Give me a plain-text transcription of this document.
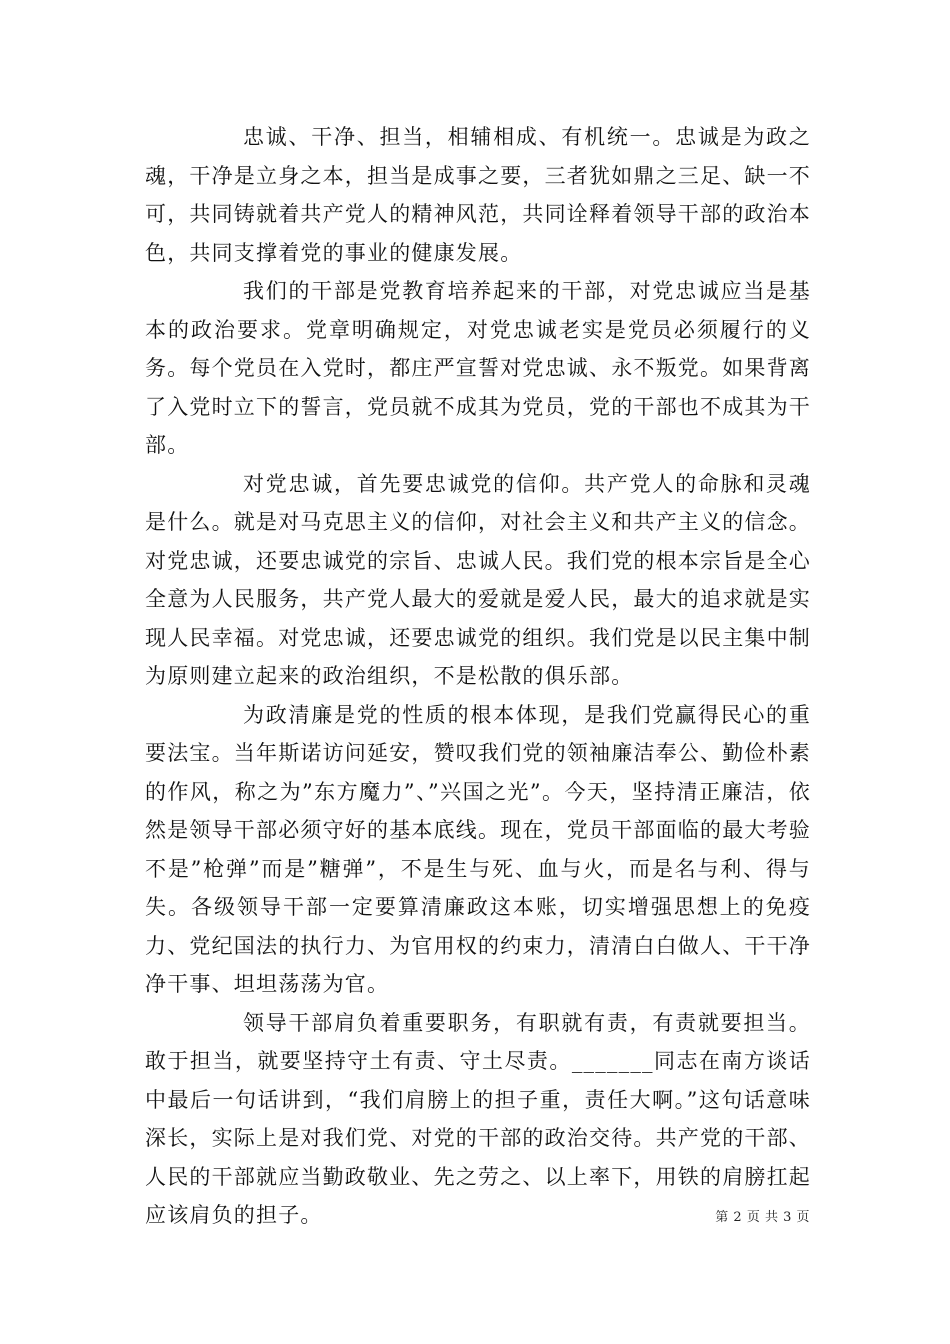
忠诚、干净、担当，相辅相成、有机统一。忠诚是为政之魂，干净是立身之本，担当是成事之要，三者犹如鼎之三足、缺一不可，共同铸就着共产党人的精神风范，共同诠释着领导干部的政治本色，共同支撑着党的事业的健康发展。

我们的干部是党教育培养起来的干部，对党忠诚应当是基本的政治要求。党章明确规定，对党忠诚老实是党员必须履行的义务。每个党员在入党时，都庄严宣誓对党忠诚、永不叛党。如果背离了入党时立下的誓言，党员就不成其为党员，党的干部也不成其为干部。

对党忠诚，首先要忠诚党的信仰。共产党人的命脉和灵魂是什么。就是对马克思主义的信仰，对社会主义和共产主义的信念。对党忠诚，还要忠诚党的宗旨、忠诚人民。我们党的根本宗旨是全心全意为人民服务，共产党人最大的爱就是爱人民，最大的追求就是实现人民幸福。对党忠诚，还要忠诚党的组织。我们党是以民主集中制为原则建立起来的政治组织，不是松散的俱乐部。

为政清廉是党的性质的根本体现，是我们党赢得民心的重要法宝。当年斯诺访问延安，赞叹我们党的领袖廉洁奉公、勤俭朴素的作风，称之为”东方魔力”、”兴国之光”。今天，坚持清正廉洁，依然是领导干部必须守好的基本底线。现在，党员干部面临的最大考验不是”枪弹”而是”糖弹”，不是生与死、血与火，而是名与利、得与失。各级领导干部一定要算清廉政这本账，切实增强思想上的免疫力、党纪国法的执行力、为官用权的约束力，清清白白做人、干干净净干事、坦坦荡荡为官。

领导干部肩负着重要职务，有职就有责，有责就要担当。敢于担当，就要坚持守土有责、守土尽责。_______同志在南方谈话中最后一句话讲到，“我们肩膀上的担子重，责任大啊。”这句话意味深长，实际上是对我们党、对党的干部的政治交待。共产党的干部、人民的干部就应当勤政敬业、先之劳之、以上率下，用铁的肩膀扛起应该肩负的担子。	第 2 页 共 3 页
